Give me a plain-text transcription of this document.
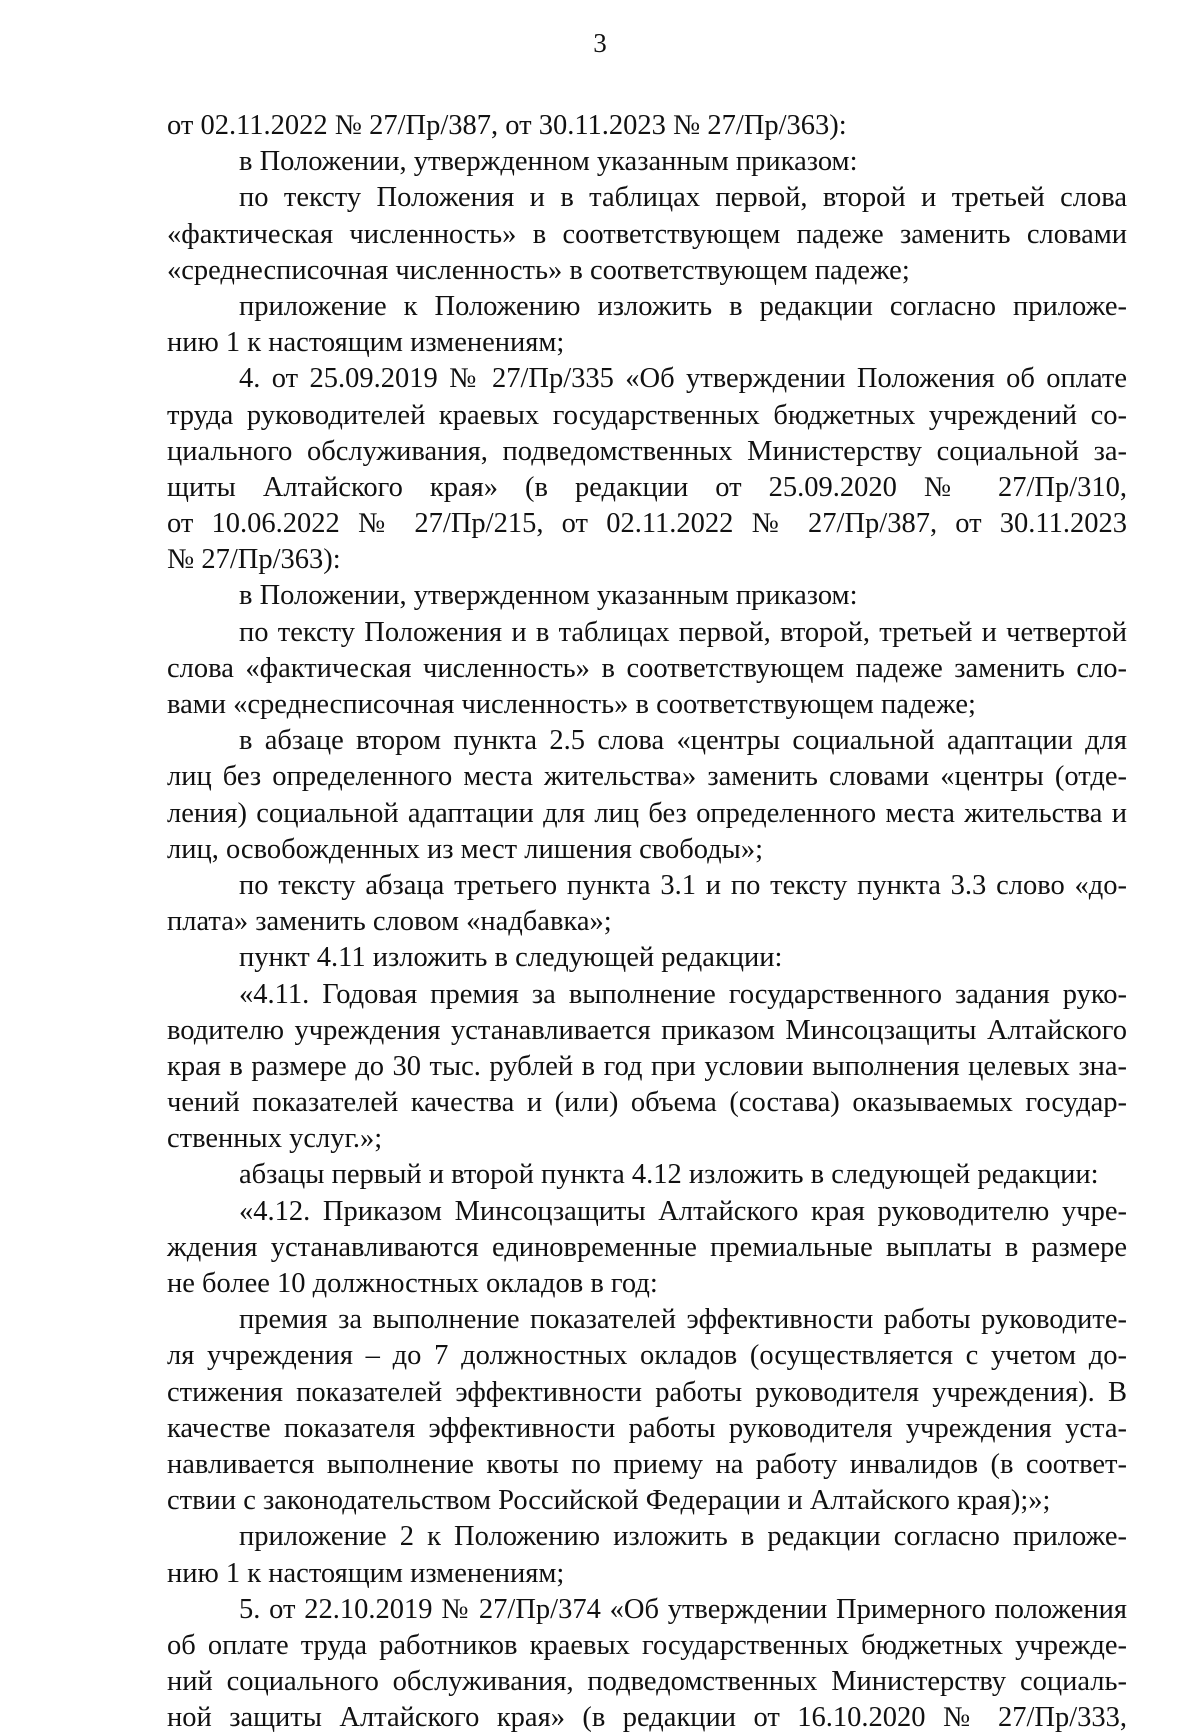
3
от 02.11.2022 № 27/Пр/387, от 30.11.2023 № 27/Пр/363):
в Положении, утвержденном указанным приказом:
по тексту Положения и в таблицах первой, второй и третьей слова
«фактическая численность» в соответствующем падеже заменить словами
«среднесписочная численность» в соответствующем падеже;
приложение к Положению изложить в редакции согласно приложе-
нию 1 к настоящим изменениям;
4. от 25.09.2019 № 27/Пр/335 «Об утверждении Положения об оплате
труда руководителей краевых государственных бюджетных учреждений со-
циального обслуживания, подведомственных Министерству социальной за-
щиты Алтайского края» (в редакции от 25.09.2020 № 27/Пр/310,
от 10.06.2022 № 27/Пр/215, от 02.11.2022 № 27/Пр/387, от 30.11.2023
№ 27/Пр/363):
в Положении, утвержденном указанным приказом:
по тексту Положения и в таблицах первой, второй, третьей и четвертой
слова «фактическая численность» в соответствующем падеже заменить сло-
вами «среднесписочная численность» в соответствующем падеже;
в абзаце втором пункта 2.5 слова «центры социальной адаптации для
лиц без определенного места жительства» заменить словами «центры (отде-
ления) социальной адаптации для лиц без определенного места жительства и
лиц, освобожденных из мест лишения свободы»;
по тексту абзаца третьего пункта 3.1 и по тексту пункта 3.3 слово «до-
плата» заменить словом «надбавка»;
пункт 4.11 изложить в следующей редакции:
«4.11. Годовая премия за выполнение государственного задания руко-
водителю учреждения устанавливается приказом Минсоцзащиты Алтайского
края в размере до 30 тыс. рублей в год при условии выполнения целевых зна-
чений показателей качества и (или) объема (состава) оказываемых государ-
ственных услуг.»;
абзацы первый и второй пункта 4.12 изложить в следующей редакции:
«4.12. Приказом Минсоцзащиты Алтайского края руководителю учре-
ждения устанавливаются единовременные премиальные выплаты в размере
не более 10 должностных окладов в год:
премия за выполнение показателей эффективности работы руководите-
ля учреждения – до 7 должностных окладов (осуществляется с учетом до-
стижения показателей эффективности работы руководителя учреждения). В
качестве показателя эффективности работы руководителя учреждения уста-
навливается выполнение квоты по приему на работу инвалидов (в соответ-
ствии с законодательством Российской Федерации и Алтайского края);»;
приложение 2 к Положению изложить в редакции согласно приложе-
нию 1 к настоящим изменениям;
5. от 22.10.2019 № 27/Пр/374 «Об утверждении Примерного положения
об оплате труда работников краевых государственных бюджетных учрежде-
ний социального обслуживания, подведомственных Министерству социаль-
ной защиты Алтайского края» (в редакции от 16.10.2020 № 27/Пр/333,
